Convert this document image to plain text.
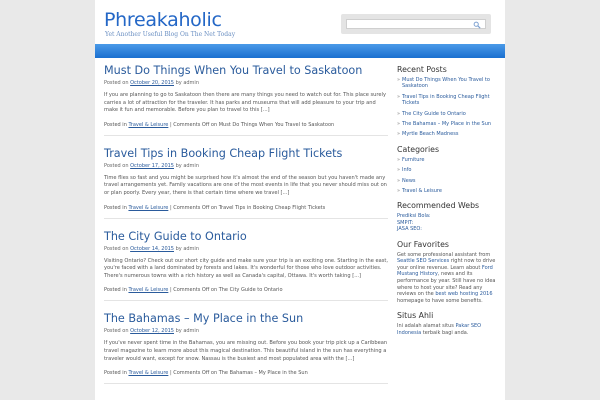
Phreakaholic
Yet Another Useful Blog On The Net Today
Must Do Things When You Travel to Saskatoon
Posted on October 20, 2015 by admin
If you are planning to go to Saskatoon then there are many things you need to watch out for. This place surely carries a lot of attraction for the traveler. It has parks and museums that will add pleasure to your trip and make it fun and memorable. Before you plan to travel to this [...]
Posted in Travel & Leisure | Comments Off on Must Do Things When You Travel to Saskatoon
Travel Tips in Booking Cheap Flight Tickets
Posted on October 17, 2015 by admin
Time flies so fast and you might be surprised how it's almost the end of the season but you haven't made any travel arrangements yet. Family vacations are one of the most events in life that you never should miss out on or plan poorly. Every year, there is that certain time where we travel [...]
Posted in Travel & Leisure | Comments Off on Travel Tips in Booking Cheap Flight Tickets
The City Guide to Ontario
Posted on October 14, 2015 by admin
Visiting Ontario? Check out our short city guide and make sure your trip is an exciting one. Starting in the east, you're faced with a land dominated by forests and lakes. It's wonderful for those who love outdoor activities. There's numerous towns with a rich history as well as Canada's capital, Ottawa. It's worth taking [...]
Posted in Travel & Leisure | Comments Off on The City Guide to Ontario
The Bahamas – My Place in the Sun
Posted on October 12, 2015 by admin
If you've never spent time in the Bahamas, you are missing out. Before you book your trip pick up a Caribbean travel magazine to learn more about this magical destination. This beautiful island in the sun has everything a traveler would want, except for snow. Nassau is the busiest and most populated area with the [...]
Posted in Travel & Leisure | Comments Off on The Bahamas – My Place in the Sun
Recent Posts
» Must Do Things When You Travel to Saskatoon
» Travel Tips in Booking Cheap Flight Tickets
» The City Guide to Ontario
» The Bahamas – My Place in the Sun
» Myrtle Beach Madness
Categories
» Furniture
» Info
» News
» Travel & Leisure
Recommended Webs
Prediksi Bola:
SMPIT:
JASA SEO:
Our Favorites
Get some professional assistant from Seattle SEO Services right now to drive your online revenue. Learn about Ford Mustang History, news and its performance by year. Still have no idea where to host your site? Read any reviews on the best web hosting 2016 homepage to have some benefits.
Situs Ahli
Ini adalah alamat situs Pakar SEO Indonesia terbaik bagi anda.
